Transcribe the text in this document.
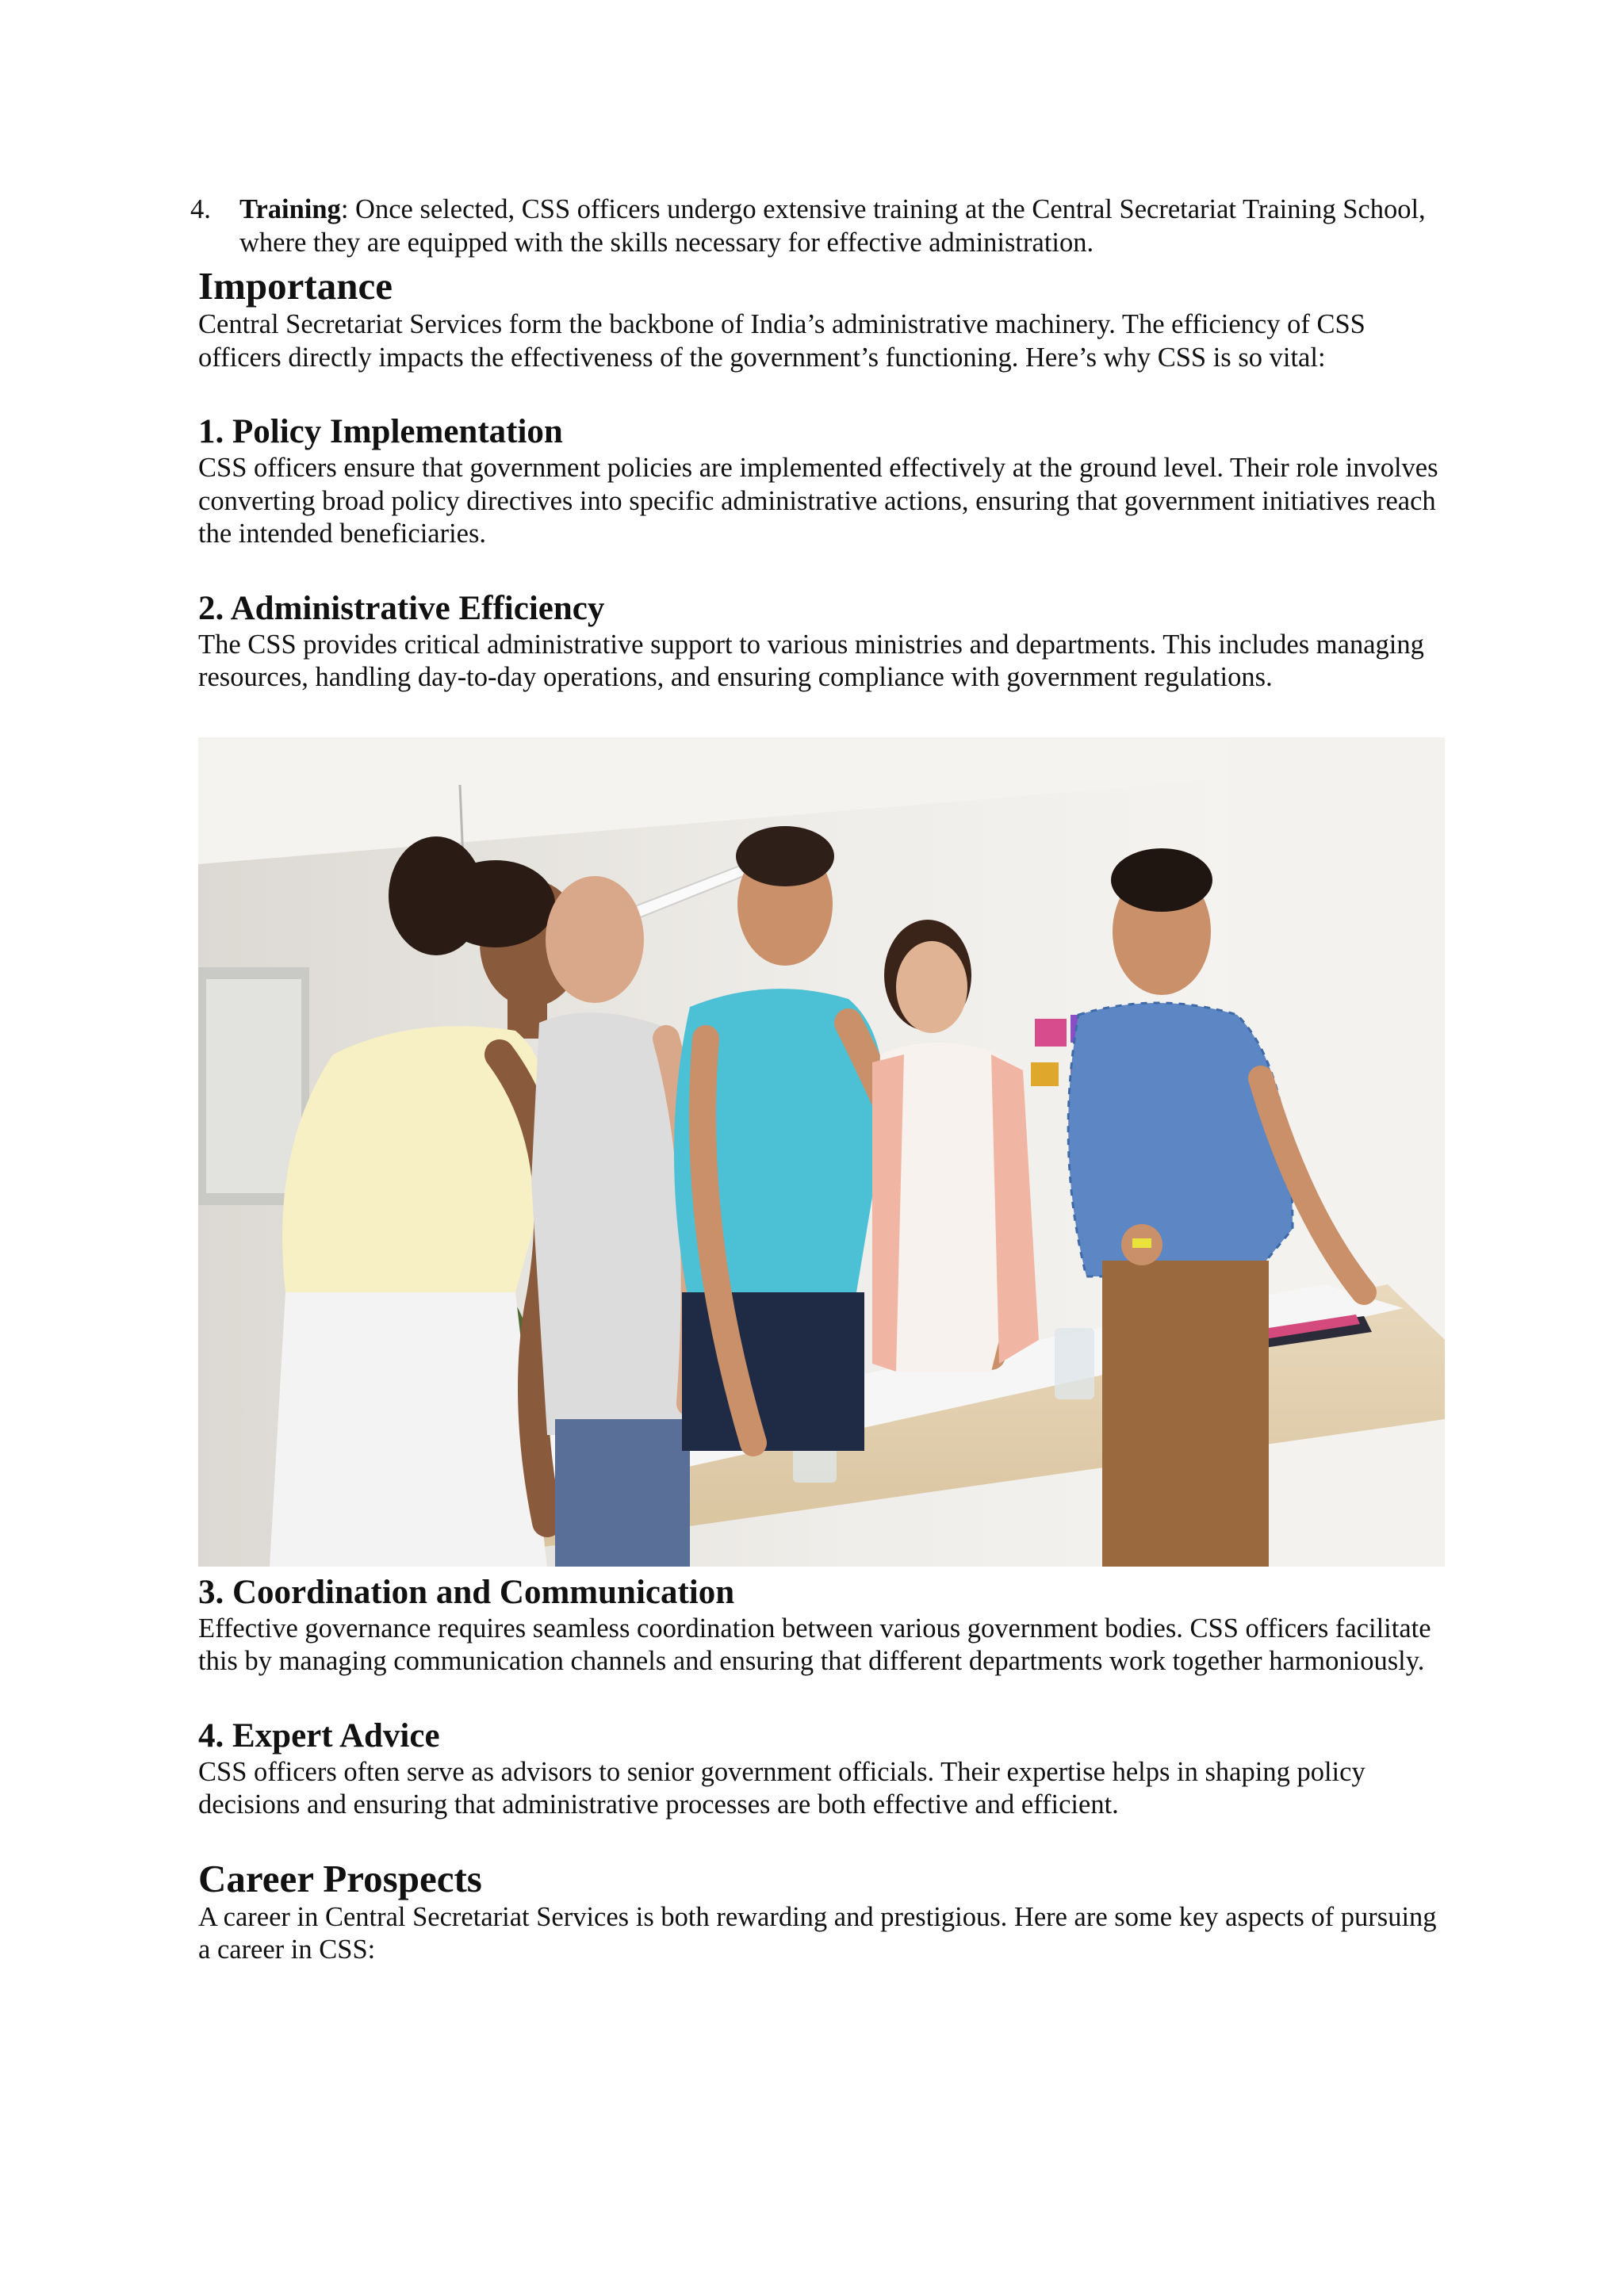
4. Training: Once selected, CSS officers undergo extensive training at the Central Secretariat Training School, where they are equipped with the skills necessary for effective administration.

Importance

Central Secretariat Services form the backbone of India’s administrative machinery. The efficiency of CSS officers directly impacts the effectiveness of the government’s functioning. Here’s why CSS is so vital:

1. Policy Implementation

CSS officers ensure that government policies are implemented effectively at the ground level. Their role involves converting broad policy directives into specific administrative actions, ensuring that government initiatives reach the intended beneficiaries.

2. Administrative Efficiency

The CSS provides critical administrative support to various ministries and departments. This includes managing resources, handling day-to-day operations, and ensuring compliance with government regulations.

3. Coordination and Communication

Effective governance requires seamless coordination between various government bodies. CSS officers facilitate this by managing communication channels and ensuring that different departments work together harmoniously.

4. Expert Advice

CSS officers often serve as advisors to senior government officials. Their expertise helps in shaping policy decisions and ensuring that administrative processes are both effective and efficient.

Career Prospects

A career in Central Secretariat Services is both rewarding and prestigious. Here are some key aspects of pursuing a career in CSS:
